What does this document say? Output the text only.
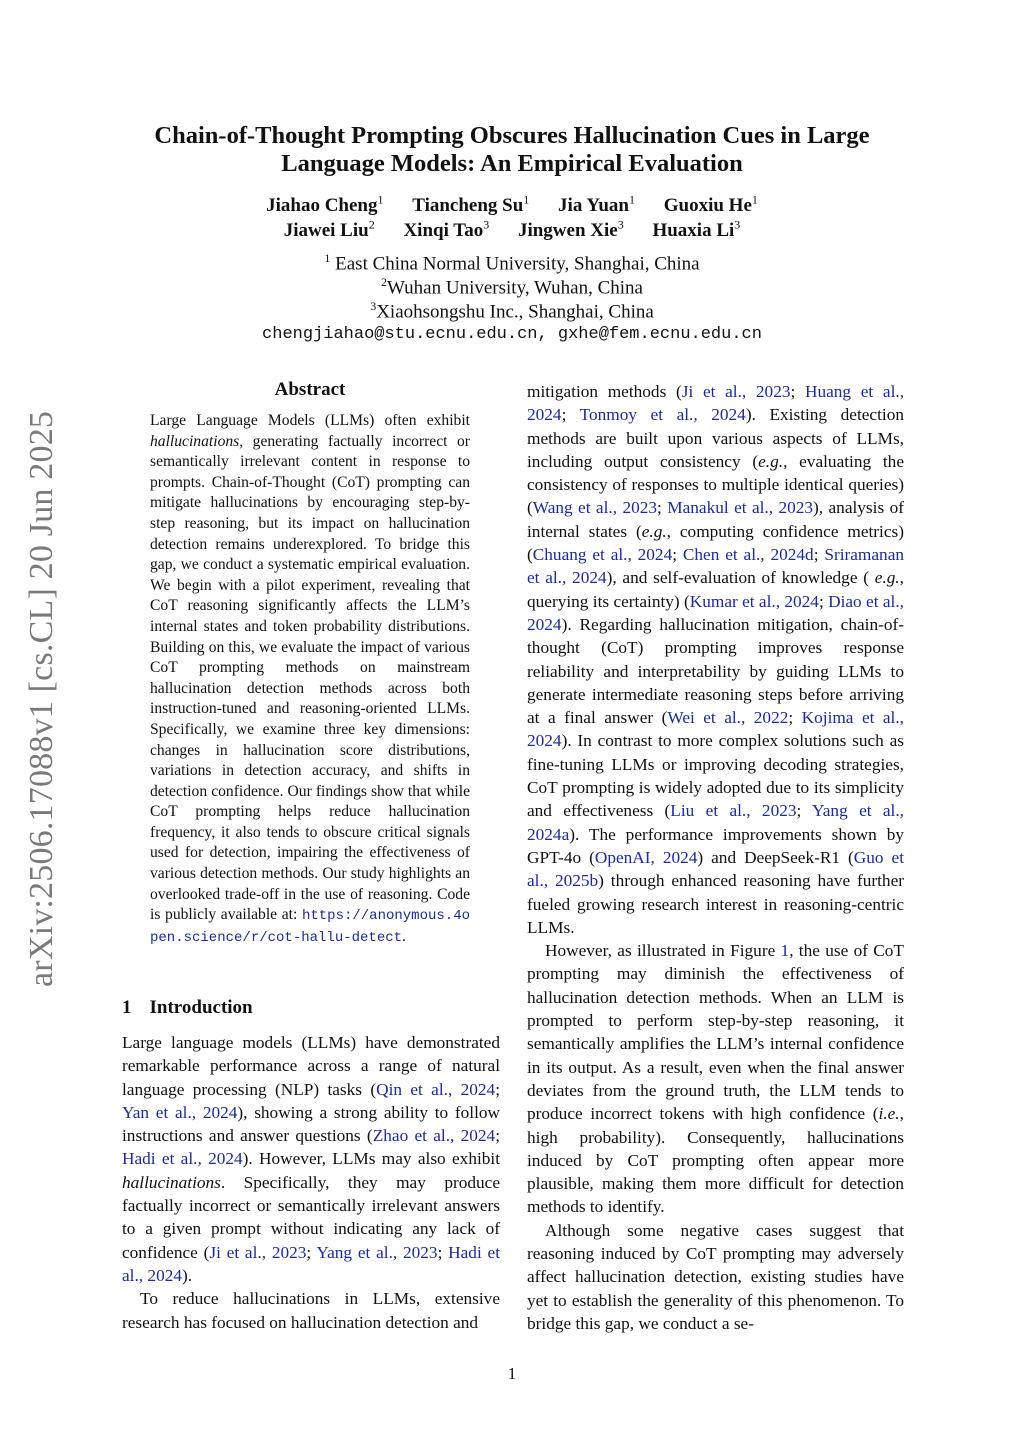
arXiv:2506.17088v1 [cs.CL] 20 Jun 2025
Chain-of-Thought Prompting Obscures Hallucination Cues in Large
Language Models: An Empirical Evaluation
Jiahao Cheng$^1$ Tiancheng Su$^1$ Jia Yuan$^1$ Guoxiu He$^1$
Jiawei Liu$^2$ Xinqi Tao$^3$ Jingwen Xie$^3$ Huaxia Li$^3$
$^1$ East China Normal University, Shanghai, China
$^2$Wuhan University, Wuhan, China
$^3$Xiaohsongshu Inc., Shanghai, China
chengjiahao@stu.ecnu.edu.cn, gxhe@fem.ecnu.edu.cn
Abstract
Large Language Models (LLMs) often exhibit hallucinations, generating factually incorrect or semantically irrelevant content in response to prompts. Chain-of-Thought (CoT) prompting can mitigate hallucinations by encouraging step-by-step reasoning, but its impact on hallucination detection remains underexplored. To bridge this gap, we conduct a systematic empirical evaluation. We begin with a pilot experiment, revealing that CoT reasoning significantly affects the LLM’s internal states and token probability distributions. Building on this, we evaluate the impact of various CoT prompting methods on mainstream hallucination detection methods across both instruction-tuned and reasoning-oriented LLMs. Specifically, we examine three key dimensions: changes in hallucination score distributions, variations in detection accuracy, and shifts in detection confidence. Our findings show that while CoT prompting helps reduce hallucination frequency, it also tends to obscure critical signals used for detection, impairing the effectiveness of various detection methods. Our study highlights an overlooked trade-off in the use of reasoning. Code is publicly available at: https://anonymous.4open.science/r/cot-hallu-detect.
1 Introduction

Large language models (LLMs) have demonstrated remarkable performance across a range of natural language processing (NLP) tasks (Qin et al., 2024; Yan et al., 2024), showing a strong ability to follow instructions and answer questions (Zhao et al., 2024; Hadi et al., 2024). However, LLMs may also exhibit hallucinations. Specifically, they may produce factually incorrect or semantically irrelevant answers to a given prompt without indicating any lack of confidence (Ji et al., 2023; Yang et al., 2023; Hadi et al., 2024).

To reduce hallucinations in LLMs, extensive research has focused on hallucination detection and

mitigation methods (Ji et al., 2023; Huang et al., 2024; Tonmoy et al., 2024). Existing detection methods are built upon various aspects of LLMs, including output consistency (e.g., evaluating the consistency of responses to multiple identical queries) (Wang et al., 2023; Manakul et al., 2023), analysis of internal states (e.g., computing confidence metrics) (Chuang et al., 2024; Chen et al., 2024d; Sriramanan et al., 2024), and self-evaluation of knowledge ( e.g., querying its certainty) (Kumar et al., 2024; Diao et al., 2024). Regarding hallucination mitigation, chain-of-thought (CoT) prompting improves response reliability and interpretability by guiding LLMs to generate intermediate reasoning steps before arriving at a final answer (Wei et al., 2022; Kojima et al., 2024). In contrast to more complex solutions such as fine-tuning LLMs or improving decoding strategies, CoT prompting is widely adopted due to its simplicity and effectiveness (Liu et al., 2023; Yang et al., 2024a). The performance improvements shown by GPT-4o (OpenAI, 2024) and DeepSeek-R1 (Guo et al., 2025b) through enhanced reasoning have further fueled growing research interest in reasoning-centric LLMs.

However, as illustrated in Figure 1, the use of CoT prompting may diminish the effectiveness of hallucination detection methods. When an LLM is prompted to perform step-by-step reasoning, it semantically amplifies the LLM’s internal confidence in its output. As a result, even when the final answer deviates from the ground truth, the LLM tends to produce incorrect tokens with high confidence (i.e., high probability). Consequently, hallucinations induced by CoT prompting often appear more plausible, making them more difficult for detection methods to identify.

Although some negative cases suggest that reasoning induced by CoT prompting may adversely affect hallucination detection, existing studies have yet to establish the generality of this phenomenon. To bridge this gap, we conduct a se-

1
